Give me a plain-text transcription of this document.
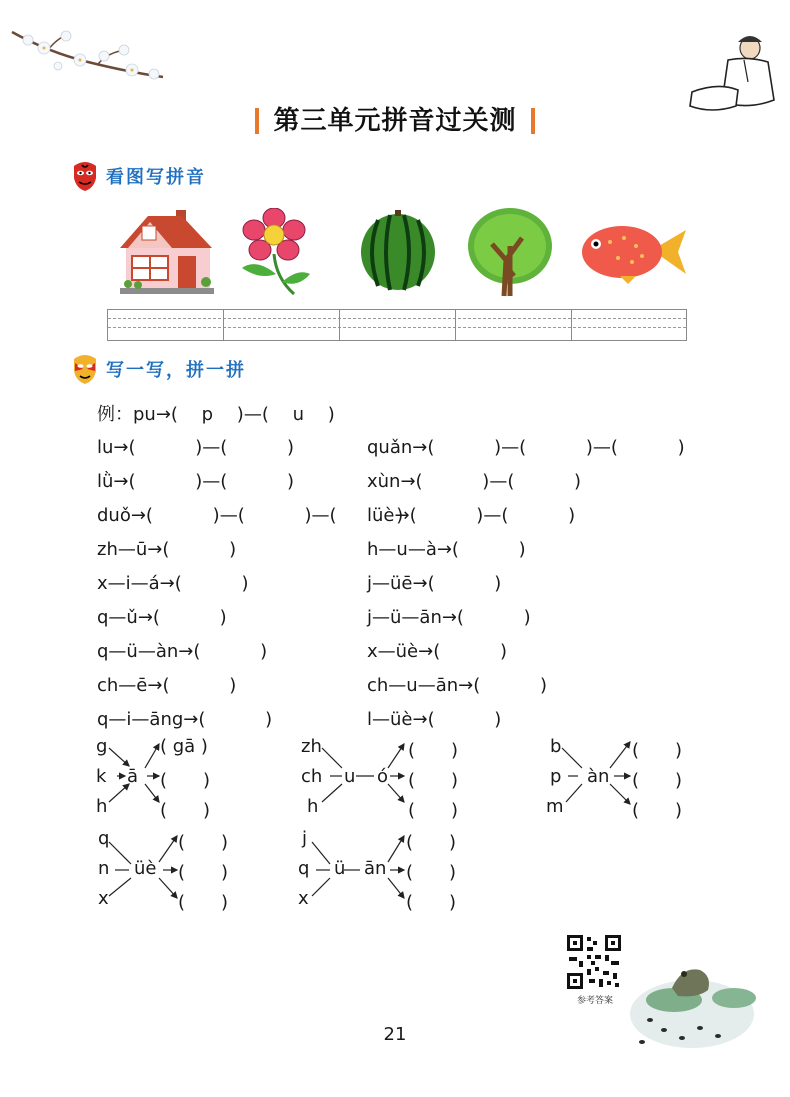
第三单元拼音过关测
看图写拼音
写一写，拼一拼
例：pu→(　 p　 )—(　 u　 )
lu→(　　　 )—(　　　 )
lǜ→(　　　 )—(　　　 )
duǒ→(　　　 )—(　　　 )—(　　　 )
zh—ū→(　　　 )
x—i—á→(　　　 )
q—ǔ→(　　　 )
q—ü—àn→(　　　 )
ch—ē→(　　　 )
q—i—āng→(　　　 )
quǎn→(　　　 )—(　　　 )—(　　　 )
xùn→(　　　 )—(　　　 )
lüè→(　　　 )—(　　　 )
h—u—à→(　　　 )
j—üē→(　　　 )
j—ü—ān→(　　　 )
x—üè→(　　　 )
ch—u—ān→(　　　 )
l—üè→(　　　 )
g
k
h
ā
( gā )
(　　)
(　　)
zh
ch
h
u ó
(　　)
(　　)
(　　)
b
p
m
àn
(　　)
(　　)
(　　)
q
n
x
üè
(　　)
(　　)
(　　)
j
q
x
ü ān
(　　)
(　　)
(　　)
参考答案
21
